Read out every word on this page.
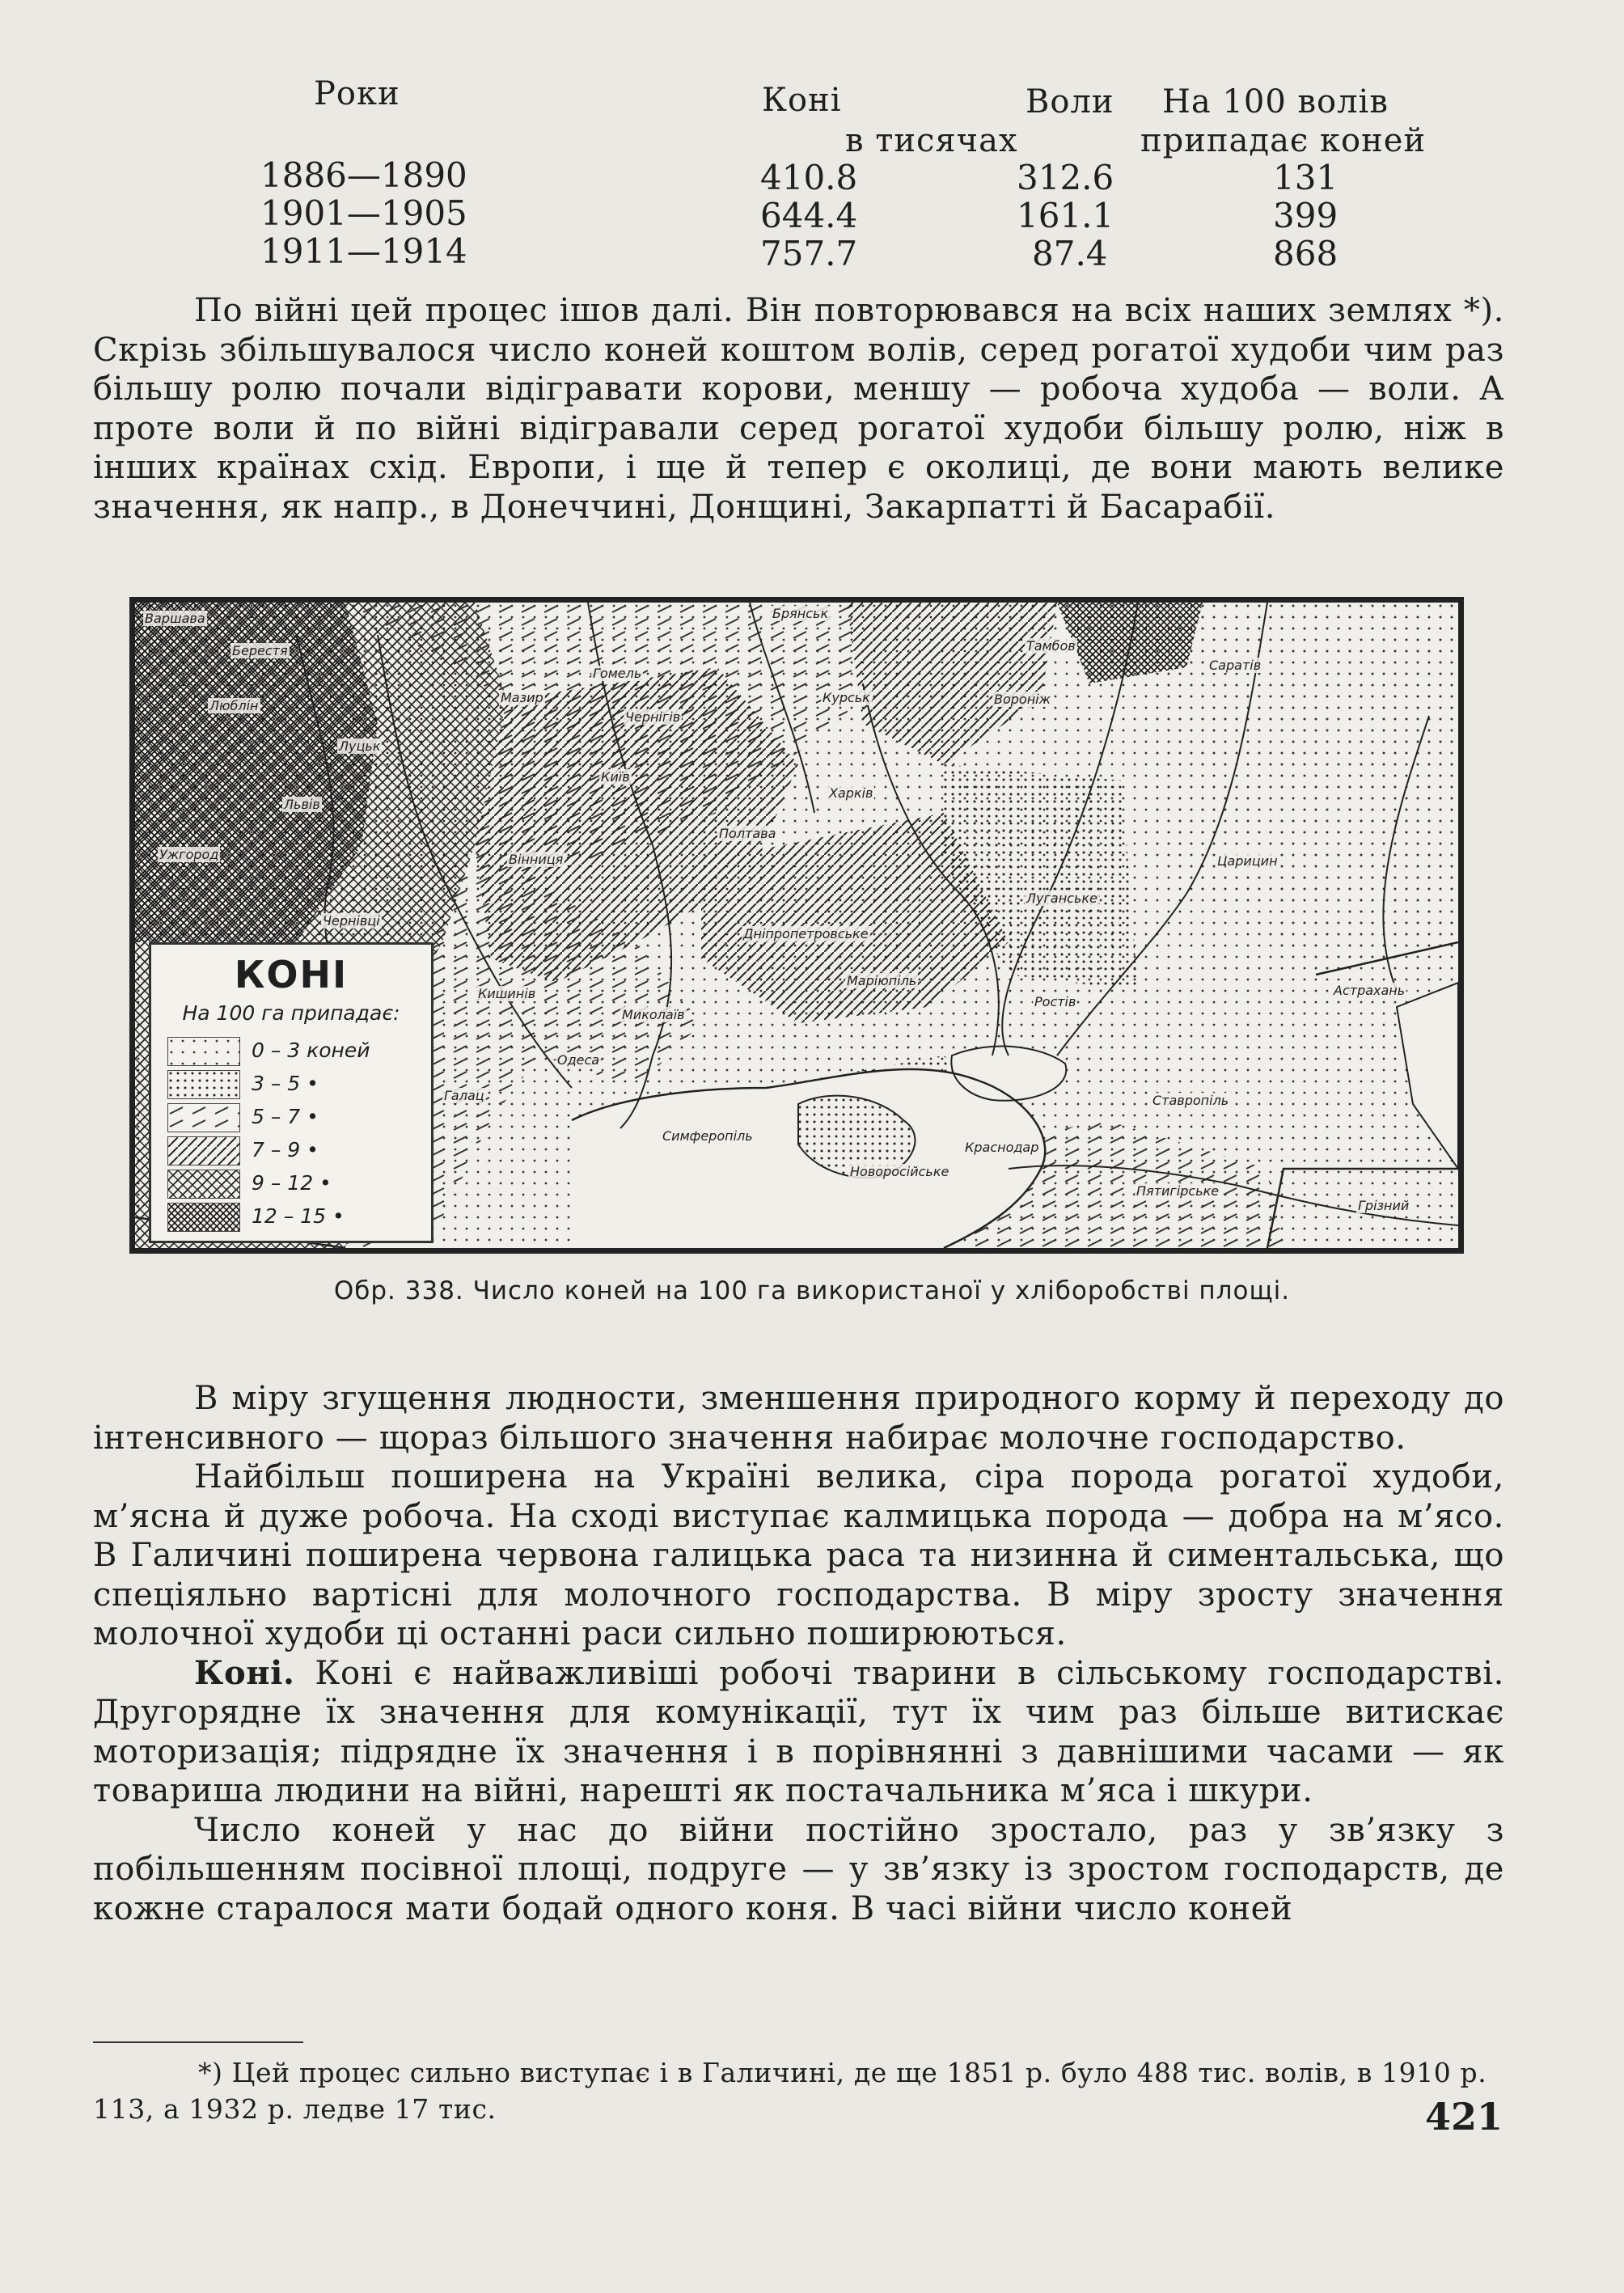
Роки	Коні	Воли На 100 волів
в тисячах	припадає коней
1886—1890	410.8	312.6	131
1901—1905	644.4	161.1	399
1911—1914	757.7	87.4	868

По війні цей процес ішов далі. Він повторювався на всіх наших землях *). Скрізь збільшувалося число коней коштом волів, серед рогатої худоби чим раз більшу ролю почали відігравати корови, меншу — робоча худоба — воли. А проте воли й по війні відігравали серед рогатої худоби більшу ролю, ніж в інших країнах схід. Европи, і ще й тепер є околиці, де вони мають велике значення, як напр., в Донеччині, Донщині, Закарпатті й Басарабії.

Варшава
Берестя
Люблін
Луцьк
Львів
Ужгород
Чернівці
Вінниця
Кишинів
Галац
Одеса
Миколаїв
Мазир
Гомель
Чернігів
Київ
Брянськ
Курськ
Харків
Полтава
Дніпропетровське
Маріюпіль
Тамбов
Вороніж
Саратів
Луганське
Царицин
Ростів
Астрахань
Ставропіль
Симферопіль
Новоросійське
Краснодар
Пятигірське
Грізний
КОНІ
На 100 га припадає:
0 – 3 коней
3 – 5 •
5 – 7 •
7 – 9 •
9 – 12 •
12 – 15 •
Обр. 338. Число коней на 100 га використаної у хліборобстві площі.

В міру згущення людности, зменшення природного корму й переходу до інтенсивного — щораз більшого значення набирає молочне господарство.

Найбільш поширена на Україні велика, сіра порода рогатої худоби, м’ясна й дуже робоча. На сході виступає калмицька порода — добра на м’ясо. В Галичині поширена червона галицька раса та низинна й симентальська, що спеціяльно вартісні для молочного господарства. В міру зросту значення молочної худоби ці останні раси сильно поширюються.

Коні. Коні є найважливіші робочі тварини в сільському господарстві. Другорядне їх значення для комунікації, тут їх чим раз більше витискає моторизація; підрядне їх значення і в порівнянні з давнішими часами — як товариша людини на війні, нарешті як постачальника м’яса і шкури.

Число коней у нас до війни постійно зростало, раз у зв’язку з побільшенням посівної площі, подруге — у зв’язку із зростом господарств, де кожне старалося мати бодай одного коня. В часі війни число коней

*) Цей процес сильно виступає і в Галичині, де ще 1851 р. було 488 тис. волів, в 1910 р. 113, а 1932 р. ледве 17 тис.	421
